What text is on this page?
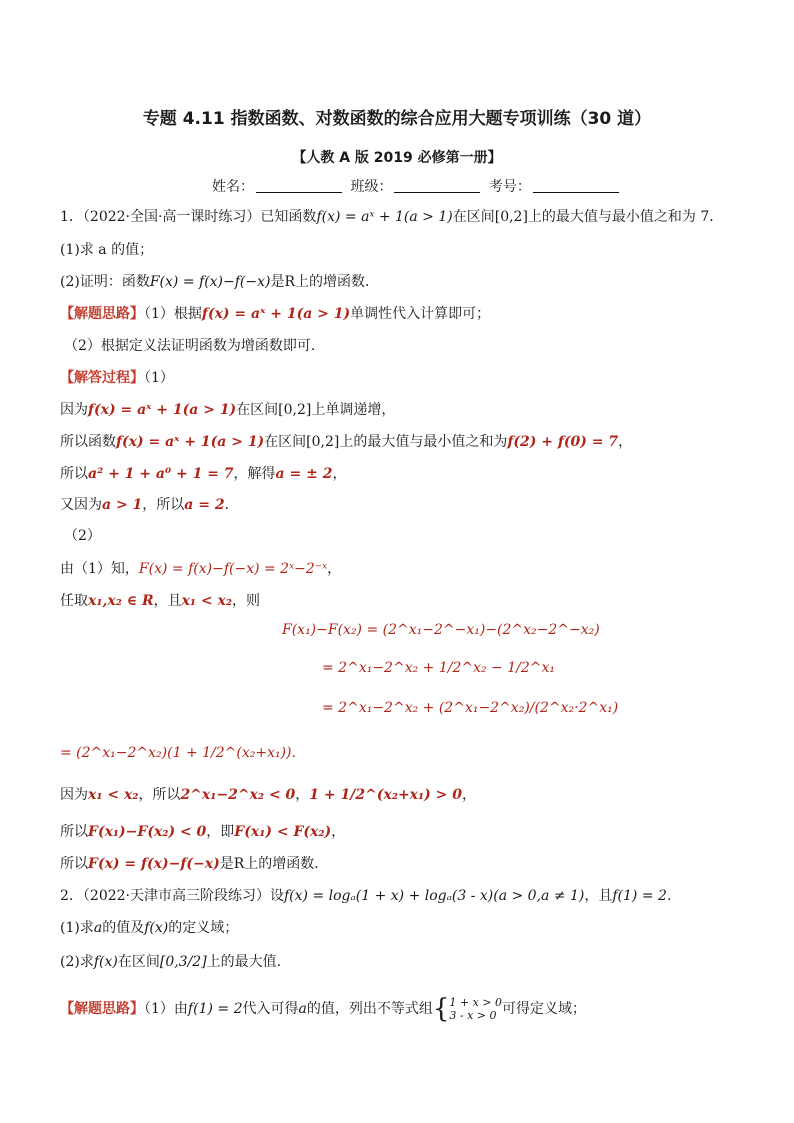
专题 4.11 指数函数、对数函数的综合应用大题专项训练（30 道）
【人教 A 版 2019 必修第一册】
姓名：	班级：	考号：
1．（2022·全国·高一课时练习）已知函数f(x) = aˣ + 1(a > 1)在区间[0,2]上的最大值与最小值之和为 7．
(1)求 a 的值；
(2)证明：函数F(x) = f(x)−f(−x)是R上的增函数．
【解题思路】（1）根据f(x) = aˣ + 1(a > 1)单调性代入计算即可；
（2）根据定义法证明函数为增函数即可.
【解答过程】（1）
因为f(x) = aˣ + 1(a > 1)在区间[0,2]上单调递增，
所以函数f(x) = aˣ + 1(a > 1)在区间[0,2]上的最大值与最小值之和为f(2) + f(0) = 7，
所以a² + 1 + a⁰ + 1 = 7，解得a = ± 2，
又因为a > 1，所以a = 2．
（2）
由（1）知，F(x) = f(x)−f(−x) = 2ˣ−2⁻ˣ，
任取x₁,x₂ ∈ R，且x₁ < x₂，则
F(x₁)−F(x₂) = (2^x₁−2^−x₁)−(2^x₂−2^−x₂)
= 2^x₁−2^x₂ + 1/2^x₂ − 1/2^x₁
= 2^x₁−2^x₂ + (2^x₁−2^x₂)/(2^x₂·2^x₁)
= (2^x₁−2^x₂)(1 + 1/2^(x₂+x₁))．
因为x₁ < x₂，所以2^x₁−2^x₂ < 0，1 + 1/2^(x₂+x₁) > 0，
所以F(x₁)−F(x₂) < 0，即F(x₁) < F(x₂)，
所以F(x) = f(x)−f(−x)是R上的增函数．
2．（2022·天津市高三阶段练习）设f(x) = logₐ(1 + x) + logₐ(3 - x)(a > 0,a ≠ 1)，且f(1) = 2.
(1)求a的值及f(x)的定义域；
(2)求f(x)在区间[0,3/2]上的最大值.
【解题思路】（1）由f(1) = 2代入可得a的值，列出不等式组{ 1 + x > 0
3 - x > 0 可得定义域；
